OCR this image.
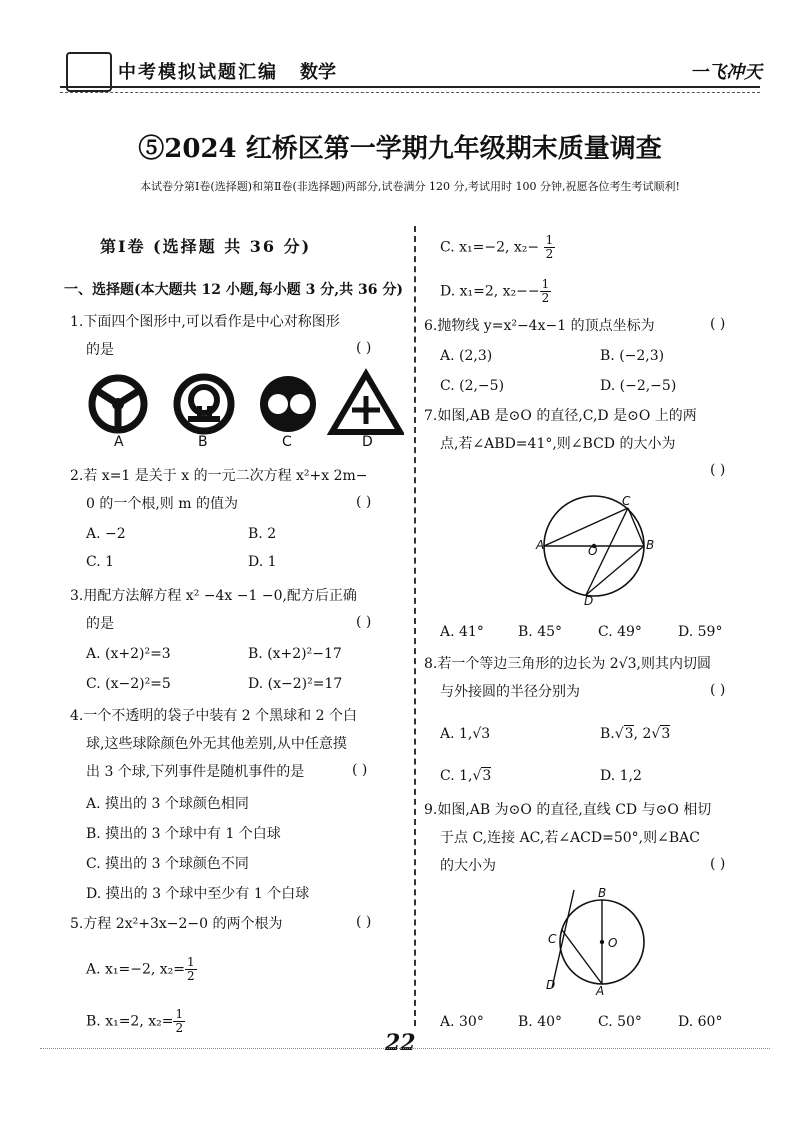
中考模拟试题汇编 数学	一飞冲天
⑤2024 红桥区第一学期九年级期末质量调查
本试卷分第Ⅰ卷(选择题)和第Ⅱ卷(非选择题)两部分,试卷满分 120 分,考试用时 100 分钟,祝愿各位考生考试顺利!
第Ⅰ卷 (选择题 共 36 分)
一、选择题(本大题共 12 小题,每小题 3 分,共 36 分)
1.下面四个图形中,可以看作是中心对称图形
的是	( )
A	B	C	D
2.若 x=1 是关于 x 的一元二次方程 x²+x 2m−
0 的一个根,则 m 的值为	( )
A. −2	B. 2
C. 1	D. 1
3.用配方法解方程 x² −4x −1 −0,配方后正确
的是	( )
A. (x+2)²=3	B. (x+2)²−17
C. (x−2)²=5	D. (x−2)²=17
4.一个不透明的袋子中装有 2 个黑球和 2 个白
球,这些球除颜色外无其他差别,从中任意摸
出 3 个球,下列事件是随机事件的是	( )
A. 摸出的 3 个球颜色相同
B. 摸出的 3 个球中有 1 个白球
C. 摸出的 3 个球颜色不同
D. 摸出的 3 个球中至少有 1 个白球
5.方程 2x²+3x−2−0 的两个根为	( )
A. x₁=−2, $x_2= \frac{1}{2}$
B. x₁=2, $x_2= \frac{1}{2}$
C. x₁=−2, $x_2- \frac{1}{2}$
D. x₁=2, $x_2-- \frac{1}{2}$
6.抛物线 y=x²−4x−1 的顶点坐标为	( )
A. (2,3)	B. (−2,3)
C. (2,−5)	D. (−2,−5)
7.如图,AB 是⊙O 的直径,C,D 是⊙O 上的两
点,若∠ABD=41°,则∠BCD 的大小为
( )
A	B
C
D
O
A. 41° B. 45°	C. 49°	D. 59°
8.若一个等边三角形的边长为 2√3,则其内切圆
与外接圆的半径分别为	( )
A. 1,√3	B.√3, 2√3
C. 1,√3	D. 1,2
9.如图,AB 为⊙O 的直径,直线 CD 与⊙O 相切
于点 C,连接 AC,若∠ACD=50°,则∠BAC
的大小为	( )
B
A
C
D
O
A. 30° B. 40°	C. 50°	D. 60°
22
